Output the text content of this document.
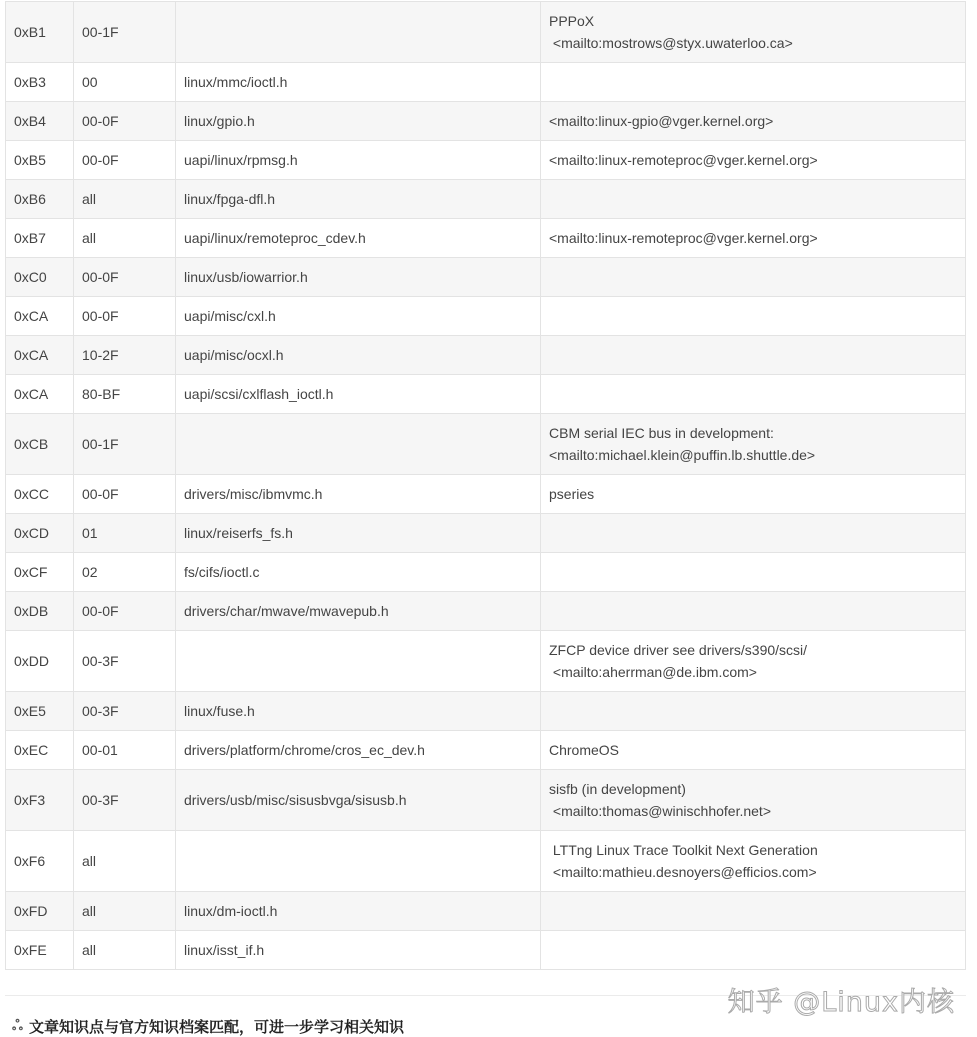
0xB1	00-1F		PPPoX
<mailto:mostrows@styx.uwaterloo.ca>

0xB3	00	linux/mmc/ioctl.h	
0xB4	00-0F	linux/gpio.h	<mailto:linux-gpio@vger.kernel.org>

0xB5	00-0F	uapi/linux/rpmsg.h	<mailto:linux-remoteproc@vger.kernel.org>

0xB6	all	linux/fpga-dfl.h	
0xB7	all	uapi/linux/remoteproc_cdev.h	<mailto:linux-remoteproc@vger.kernel.org>

0xC0	00-0F	linux/usb/iowarrior.h	
0xCA	00-0F	uapi/misc/cxl.h	
0xCA	10-2F	uapi/misc/ocxl.h	
0xCA	80-BF	uapi/scsi/cxlflash_ioctl.h	
0xCB	00-1F		CBM serial IEC bus in development:
<mailto:michael.klein@puffin.lb.shuttle.de>

0xCC	00-0F	drivers/misc/ibmvmc.h	pseries

0xCD	01	linux/reiserfs_fs.h	
0xCF	02	fs/cifs/ioctl.c	
0xDB	00-0F	drivers/char/mwave/mwavepub.h	
0xDD	00-3F		ZFCP device driver see drivers/s390/scsi/
<mailto:aherrman@de.ibm.com>

0xE5	00-3F	linux/fuse.h	
0xEC	00-01	drivers/platform/chrome/cros_ec_dev.h	ChromeOS

0xF3	00-3F	drivers/usb/misc/sisusbvga/sisusb.h	sisfb (in development)
<mailto:thomas@winischhofer.net>

0xF6	all		LTTng Linux Trace Toolkit Next Generation
<mailto:mathieu.desnoyers@efficios.com>

0xFD	all	linux/dm-ioctl.h	
0xFE	all	linux/isst_if.h	
知乎 @Linux内核
ஃ 文章知识点与官方知识档案匹配，可进一步学习相关知识
